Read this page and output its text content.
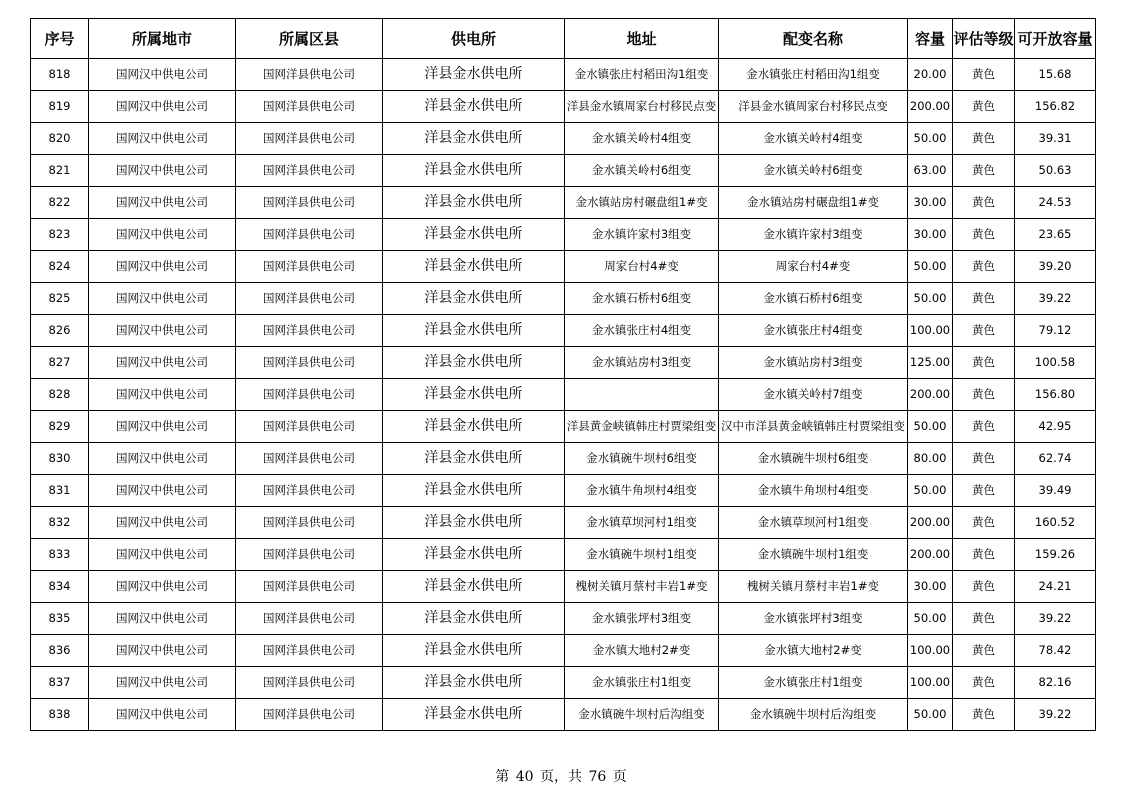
序号	所属地市	所属区县	供电所	地址	配变名称	容量	评估等级	可开放容量
818	国网汉中供电公司	国网洋县供电公司	洋县金水供电所	金水镇张庄村稻田沟1组变	金水镇张庄村稻田沟1组变	20.00	黄色	15.68
819	国网汉中供电公司	国网洋县供电公司	洋县金水供电所	洋县金水镇周家台村移民点变	洋县金水镇周家台村移民点变	200.00	黄色	156.82
820	国网汉中供电公司	国网洋县供电公司	洋县金水供电所	金水镇关岭村4组变	金水镇关岭村4组变	50.00	黄色	39.31
821	国网汉中供电公司	国网洋县供电公司	洋县金水供电所	金水镇关岭村6组变	金水镇关岭村6组变	63.00	黄色	50.63
822	国网汉中供电公司	国网洋县供电公司	洋县金水供电所	金水镇站房村碾盘组1#变	金水镇站房村碾盘组1#变	30.00	黄色	24.53
823	国网汉中供电公司	国网洋县供电公司	洋县金水供电所	金水镇许家村3组变	金水镇许家村3组变	30.00	黄色	23.65
824	国网汉中供电公司	国网洋县供电公司	洋县金水供电所	周家台村4#变	周家台村4#变	50.00	黄色	39.20
825	国网汉中供电公司	国网洋县供电公司	洋县金水供电所	金水镇石桥村6组变	金水镇石桥村6组变	50.00	黄色	39.22
826	国网汉中供电公司	国网洋县供电公司	洋县金水供电所	金水镇张庄村4组变	金水镇张庄村4组变	100.00	黄色	79.12
827	国网汉中供电公司	国网洋县供电公司	洋县金水供电所	金水镇站房村3组变	金水镇站房村3组变	125.00	黄色	100.58
828	国网汉中供电公司	国网洋县供电公司	洋县金水供电所		金水镇关岭村7组变	200.00	黄色	156.80
829	国网汉中供电公司	国网洋县供电公司	洋县金水供电所	洋县黄金峡镇韩庄村贾梁组变	汉中市洋县黄金峡镇韩庄村贾梁组变	50.00	黄色	42.95
830	国网汉中供电公司	国网洋县供电公司	洋县金水供电所	金水镇碗牛坝村6组变	金水镇碗牛坝村6组变	80.00	黄色	62.74
831	国网汉中供电公司	国网洋县供电公司	洋县金水供电所	金水镇牛角坝村4组变	金水镇牛角坝村4组变	50.00	黄色	39.49
832	国网汉中供电公司	国网洋县供电公司	洋县金水供电所	金水镇草坝河村1组变	金水镇草坝河村1组变	200.00	黄色	160.52
833	国网汉中供电公司	国网洋县供电公司	洋县金水供电所	金水镇碗牛坝村1组变	金水镇碗牛坝村1组变	200.00	黄色	159.26
834	国网汉中供电公司	国网洋县供电公司	洋县金水供电所	槐树关镇月蔡村丰岩1#变	槐树关镇月蔡村丰岩1#变	30.00	黄色	24.21
835	国网汉中供电公司	国网洋县供电公司	洋县金水供电所	金水镇张坪村3组变	金水镇张坪村3组变	50.00	黄色	39.22
836	国网汉中供电公司	国网洋县供电公司	洋县金水供电所	金水镇大地村2#变	金水镇大地村2#变	100.00	黄色	78.42
837	国网汉中供电公司	国网洋县供电公司	洋县金水供电所	金水镇张庄村1组变	金水镇张庄村1组变	100.00	黄色	82.16
838	国网汉中供电公司	国网洋县供电公司	洋县金水供电所	金水镇碗牛坝村后沟组变	金水镇碗牛坝村后沟组变	50.00	黄色	39.22
第 40 页，共 76 页
